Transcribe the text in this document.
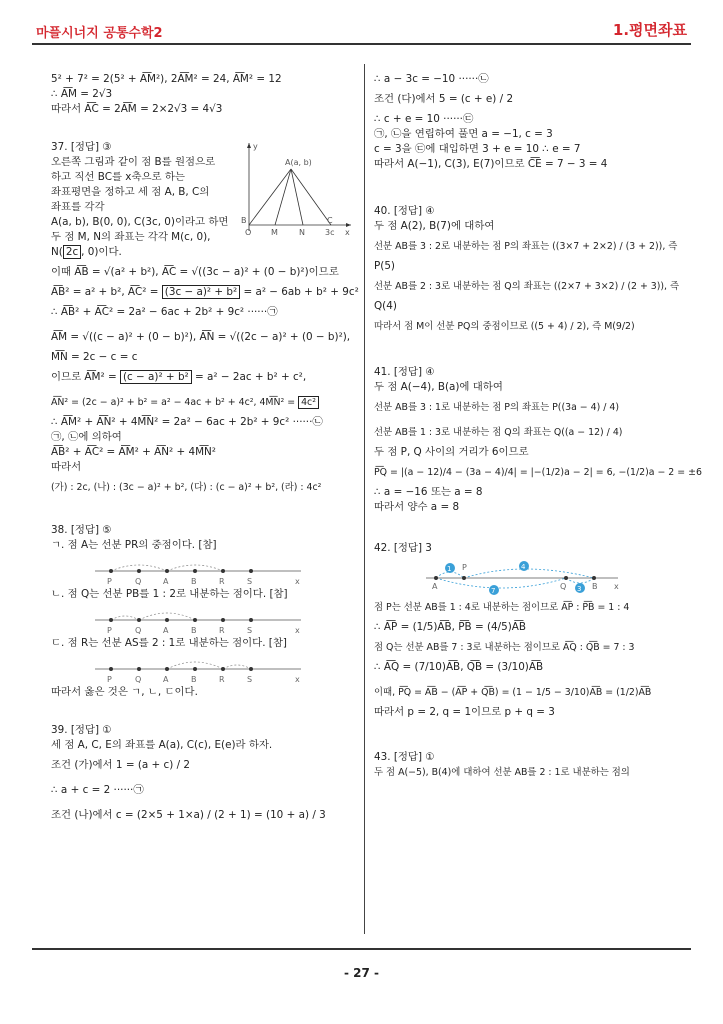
마플시너지 공통수학2	1.평면좌표
5² + 7² = 2(5² + A͞M²), 2A͞M² = 24, A͞M² = 12
∴ A͞M = 2√3
따라서 A͞C = 2A͞M = 2×2√3 = 4√3
37. [정답] ③
오른쪽 그림과 같이 점 B를 원점으로
하고 직선 BC를 x축으로 하는
좌표평면을 정하고 세 점 A, B, C의
좌표를 각각
A(a, b), B(0, 0), C(3c, 0)이라고 하면
두 점 M, N의 좌표는 각각 M(c, 0),
y
A(a, b)
B
O M	N
C
3c x
N( 2c , 0)이다.
이때 A͞B = √(a² + b²), A͞C = √((3c − a)² + (0 − b)²)이므로
A͞B² = a² + b², A͞C² = (3c − a)² + b² = a² − 6ab + b² + 9c²
∴ A͞B² + A͞C² = 2a² − 6ac + 2b² + 9c² ······㉠
A͞M = √((c − a)² + (0 − b)²), A͞N = √((2c − a)² + (0 − b)²),
M͞N = 2c − c = c
이므로 A͞M² = (c − a)² + b² = a² − 2ac + b² + c²,
A͞N² = (2c − a)² + b² = a² − 4ac + b² + 4c², 4M͞N² = 4c²
∴ A͞M² + A͞N² + 4M͞N² = 2a² − 6ac + 2b² + 9c² ······㉡
㉠, ㉡에 의하여
A͞B² + A͞C² = A͞M² + A͞N² + 4M͞N²
따라서
(가) : 2c, (나) : (3c − a)² + b², (다) : (c − a)² + b², (라) : 4c²
38. [정답] ⑤
ㄱ. 점 A는 선분 PR의 중점이다. [참]
P	Q	A	B	R	S	x
ㄴ. 점 Q는 선분 PB를 1 : 2로 내분하는 점이다. [참]
P	Q	A	B	R	S	x
ㄷ. 점 R는 선분 AS를 2 : 1로 내분하는 점이다. [참]
P	Q	A	B	R	S	x
따라서 옳은 것은 ㄱ, ㄴ, ㄷ이다.
39. [정답] ①
세 점 A, C, E의 좌표를 A(a), C(c), E(e)라 하자.
조건 (가)에서 1 = (a + c) / 2
∴ a + c = 2 ······㉠
조건 (나)에서 c = (2×5 + 1×a) / (2 + 1) = (10 + a) / 3
∴ a − 3c = −10 ······㉡
조건 (다)에서 5 = (c + e) / 2
∴ c + e = 10 ······㉢
㉠, ㉡을 연립하여 풀면 a = −1, c = 3
c = 3을 ㉢에 대입하면 3 + e = 10 ∴ e = 7
따라서 A(−1), C(3), E(7)이므로 C͞E = 7 − 3 = 4
40. [정답] ④
두 점 A(2), B(7)에 대하여
선분 AB를 3 : 2로 내분하는 점 P의 좌표는 ((3×7 + 2×2) / (3 + 2)), 즉
P(5)
선분 AB를 2 : 3로 내분하는 점 Q의 좌표는 ((2×7 + 3×2) / (2 + 3)), 즉
Q(4)
따라서 점 M이 선분 PQ의 중점이므로 ((5 + 4) / 2), 즉 M(9/2)
41. [정답] ④
두 점 A(−4), B(a)에 대하여
선분 AB를 3 : 1로 내분하는 점 P의 좌표는 P((3a − 4) / 4)
선분 AB를 1 : 3로 내분하는 점 Q의 좌표는 Q((a − 12) / 4)
두 점 P, Q 사이의 거리가 6이므로
P͞Q = |(a − 12)/4 − (3a − 4)/4| = |−(1/2)a − 2| = 6, −(1/2)a − 2 = ±6
∴ a = −16 또는 a = 8
따라서 양수 a = 8
42. [정답] 3
1	4
7	3
A
P
Q	B x
점 P는 선분 AB를 1 : 4로 내분하는 점이므로 A͞P : P͞B = 1 : 4
∴ A͞P = (1/5)A͞B, P͞B = (4/5)A͞B
점 Q는 선분 AB를 7 : 3로 내분하는 점이므로 A͞Q : Q͞B = 7 : 3
∴ A͞Q = (7/10)A͞B, Q͞B = (3/10)A͞B
이때, P͞Q = A͞B − (A͞P + Q͞B) = (1 − 1/5 − 3/10)A͞B = (1/2)A͞B
따라서 p = 2, q = 1이므로 p + q = 3
43. [정답] ①
두 점 A(−5), B(4)에 대하여 선분 AB를 2 : 1로 내분하는 점의
- 27 -
